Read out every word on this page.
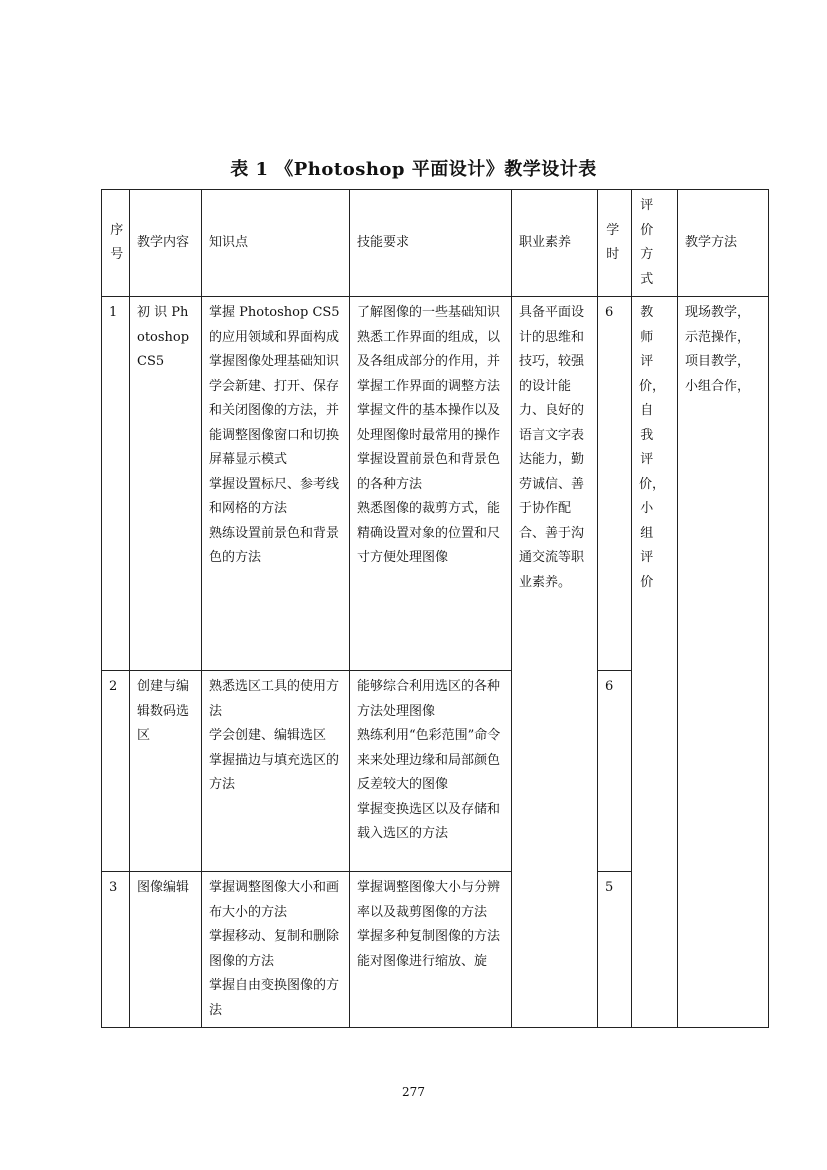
表 1 《Photoshop 平面设计》教学设计表
序号	教学内容	知识点	技能要求	职业素养	学时	评价方式	教学方法
1	初 识 Photoshop CS5	掌握 Photoshop CS5 的应用领域和界面构成
掌握图像处理基础知识
学会新建、打开、保存和关闭图像的方法，并能调整图像窗口和切换屏幕显示模式
掌握设置标尺、参考线和网格的方法
熟练设置前景色和背景色的方法	了解图像的一些基础知识
熟悉工作界面的组成，以及各组成部分的作用，并掌握工作界面的调整方法
掌握文件的基本操作以及处理图像时最常用的操作
掌握设置前景色和背景色的各种方法
熟悉图像的裁剪方式，能精确设置对象的位置和尺寸方便处理图像	具备平面设计的思维和技巧，较强的设计能力、良好的语言文字表达能力，勤劳诚信、善于协作配合、善于沟通交流等职业素养。	6	教师评价，自我评价，小组评价	现场教学，示范操作，项目教学，小组合作，
2	创建与编辑数码选区	熟悉选区工具的使用方法
学会创建、编辑选区
掌握描边与填充选区的方法	能够综合利用选区的各种方法处理图像
熟练利用“色彩范围”命令来来处理边缘和局部颜色反差较大的图像
掌握变换选区以及存储和载入选区的方法		6		
3	图像编辑	掌握调整图像大小和画布大小的方法
掌握移动、复制和删除图像的方法
掌握自由变换图像的方法	掌握调整图像大小与分辨率以及裁剪图像的方法
掌握多种复制图像的方法
能对图像进行缩放、旋		5		
277
